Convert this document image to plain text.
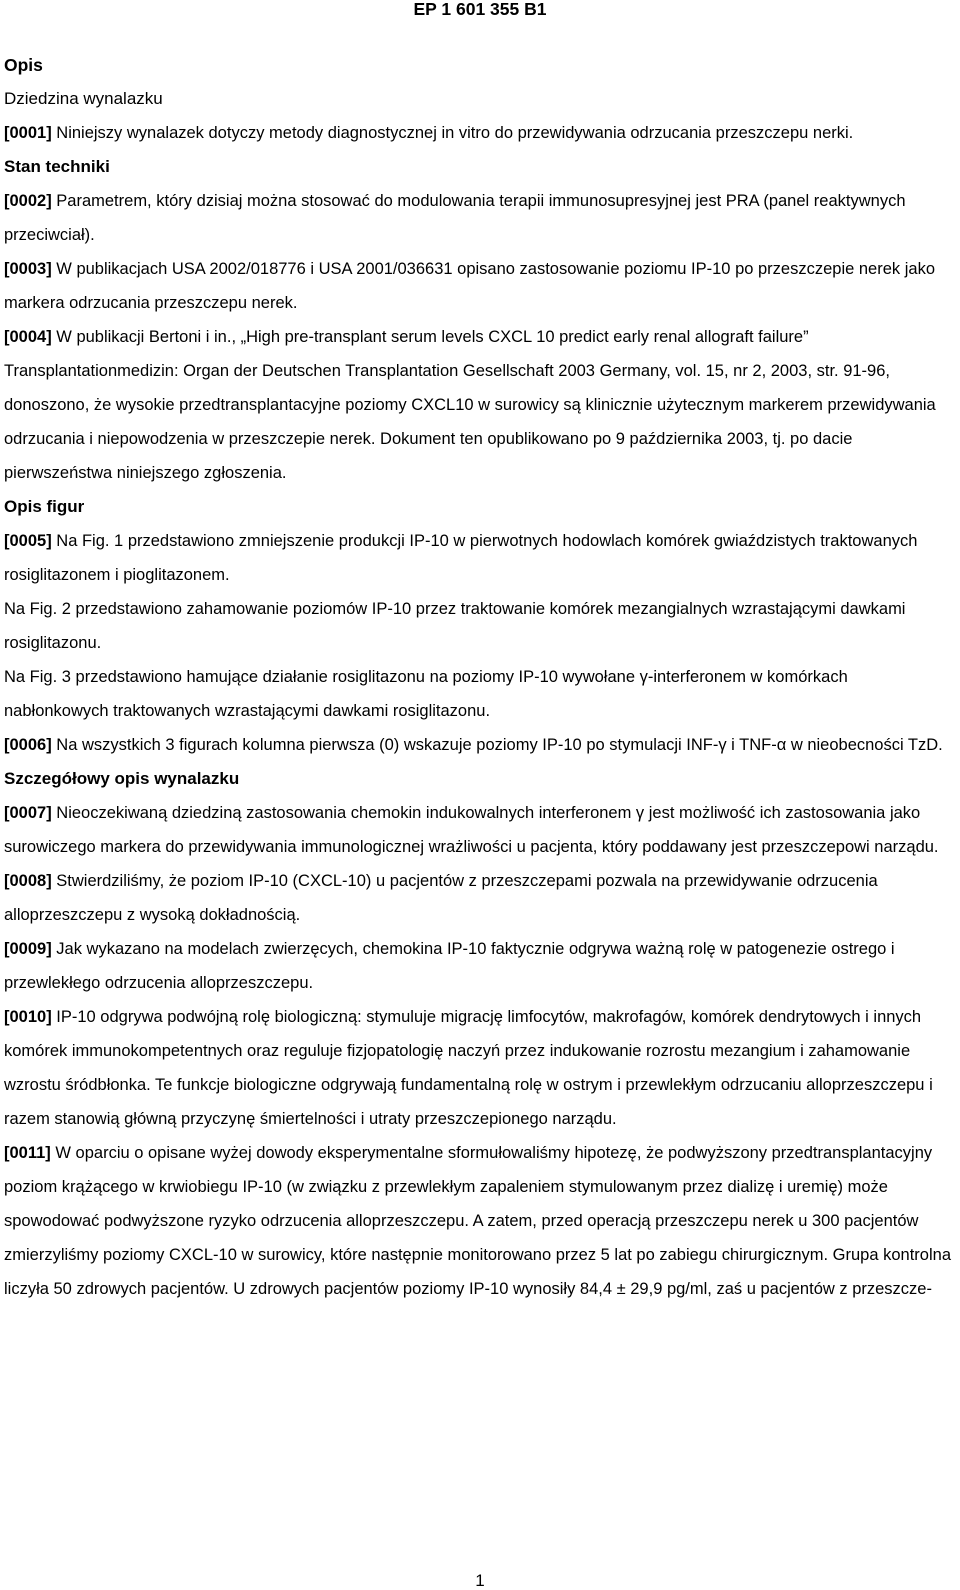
EP 1 601 355 B1
Opis
Dziedzina wynalazku

[0001] Niniejszy wynalazek dotyczy metody diagnostycznej in vitro do przewidywania odrzucania przeszczepu nerki.

Stan techniki

[0002] Parametrem, który dzisiaj można stosować do modulowania terapii immunosupresyjnej jest PRA (panel reaktywnych przeciwciał).

[0003] W publikacjach USA 2002/018776 i USA 2001/036631 opisano zastosowanie poziomu IP-10 po przeszczepie nerek jako markera odrzucania przeszczepu nerek.

[0004] W publikacji Bertoni i in., „High pre-transplant serum levels CXCL 10 predict early renal allograft failure” Transplantationmedizin: Organ der Deutschen Transplantation Gesellschaft 2003 Germany, vol. 15, nr 2, 2003, str. 91-96, donoszono, że wysokie przedtransplantacyjne poziomy CXCL10 w surowicy są klinicznie użytecznym markerem przewidywania odrzucania i niepowodzenia w przeszczepie nerek. Dokument ten opublikowano po 9 października 2003, tj. po dacie pierwszeństwa niniejszego zgłoszenia.

Opis figur

[0005] Na Fig. 1 przedstawiono zmniejszenie produkcji IP-10 w pierwotnych hodowlach komórek gwiaździstych traktowanych rosiglitazonem i pioglitazonem.

Na Fig. 2 przedstawiono zahamowanie poziomów IP-10 przez traktowanie komórek mezangialnych wzrastającymi dawkami rosiglitazonu.

Na Fig. 3 przedstawiono hamujące działanie rosiglitazonu na poziomy IP-10 wywołane γ-interferonem w komórkach nabłonkowych traktowanych wzrastającymi dawkami rosiglitazonu.

[0006] Na wszystkich 3 figurach kolumna pierwsza (0) wskazuje poziomy IP-10 po stymulacji INF-γ i TNF-α w nieobecności TzD.

Szczegółowy opis wynalazku

[0007] Nieoczekiwaną dziedziną zastosowania chemokin indukowalnych interferonem γ jest możliwość ich zastosowania jako surowiczego markera do przewidywania immunologicznej wrażliwości u pacjenta, który poddawany jest przeszczepowi narządu.

[0008] Stwierdziliśmy, że poziom IP-10 (CXCL-10) u pacjentów z przeszczepami pozwala na przewidywanie odrzucenia alloprzeszczepu z wysoką dokładnością.

[0009] Jak wykazano na modelach zwierzęcych, chemokina IP-10 faktycznie odgrywa ważną rolę w patogenezie ostrego i przewlekłego odrzucenia alloprzeszczepu.

[0010] IP-10 odgrywa podwójną rolę biologiczną: stymuluje migrację limfocytów, makrofagów, komórek dendrytowych i innych komórek immunokompetentnych oraz reguluje fizjopatologię naczyń przez indukowanie rozrostu mezangium i zahamowanie wzrostu śródbłonka. Te funkcje biologiczne odgrywają fundamentalną rolę w ostrym i przewlekłym odrzucaniu alloprzeszczepu i razem stanowią główną przyczynę śmiertelności i utraty przeszczepionego narządu.

[0011] W oparciu o opisane wyżej dowody eksperymentalne sformułowaliśmy hipotezę, że podwyższony przedtransplantacyjny poziom krążącego w krwiobiegu IP-10 (w związku z przewlekłym zapaleniem stymulowanym przez dializę i uremię) może spowodować podwyższone ryzyko odrzucenia alloprzeszczepu. A zatem, przed operacją przeszczepu nerek u 300 pacjentów zmierzyliśmy poziomy CXCL-10 w surowicy, które następnie monitorowano przez 5 lat po zabiegu chirurgicznym. Grupa kontrolna liczyła 50 zdrowych pacjentów. U zdrowych pacjentów poziomy IP-10 wynosiły 84,4 ± 29,9 pg/ml, zaś u pacjentów z przeszcze-

1
